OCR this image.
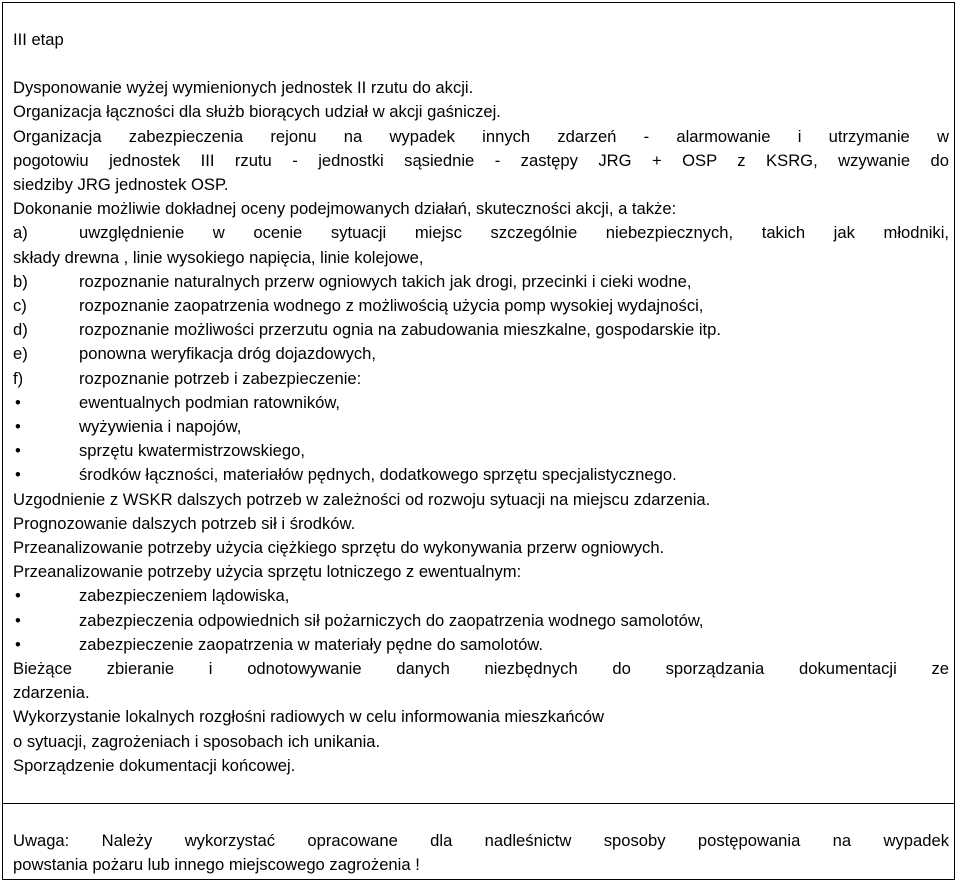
III etap
Dysponowanie wyżej wymienionych jednostek II rzutu do akcji.
Organizacja łączności dla służb biorących udział w akcji gaśniczej.
Organizacja zabezpieczenia rejonu na wypadek innych zdarzeń - alarmowanie i utrzymanie w
pogotowiu jednostek III rzutu - jednostki sąsiednie - zastępy JRG + OSP z KSRG, wzywanie do
siedziby JRG jednostek OSP.
Dokonanie możliwie dokładnej oceny podejmowanych działań, skuteczności akcji, a także:
a)	uwzględnienie w ocenie sytuacji miejsc szczególnie niebezpiecznych, takich jak młodniki,
składy drewna , linie wysokiego napięcia, linie kolejowe,
b)	rozpoznanie naturalnych przerw ogniowych takich jak drogi, przecinki i cieki wodne,
c)	rozpoznanie zaopatrzenia wodnego z możliwością użycia pomp wysokiej wydajności,
d)	rozpoznanie możliwości przerzutu ognia na zabudowania mieszkalne, gospodarskie itp.
e)	ponowna weryfikacja dróg dojazdowych,
f)	rozpoznanie potrzeb i zabezpieczenie:
•	ewentualnych podmian ratowników,
•	wyżywienia i napojów,
•	sprzętu kwatermistrzowskiego,
•	środków łączności, materiałów pędnych, dodatkowego sprzętu specjalistycznego.
Uzgodnienie z WSKR dalszych potrzeb w zależności od rozwoju sytuacji na miejscu zdarzenia.
Prognozowanie dalszych potrzeb sił i środków.
Przeanalizowanie potrzeby użycia ciężkiego sprzętu do wykonywania przerw ogniowych.
Przeanalizowanie potrzeby użycia sprzętu lotniczego z ewentualnym:
•	zabezpieczeniem lądowiska,
•	zabezpieczenia odpowiednich sił pożarniczych do zaopatrzenia wodnego samolotów,
•	zabezpieczenie zaopatrzenia w materiały pędne do samolotów.
Bieżące zbieranie i odnotowywanie danych niezbędnych do sporządzania dokumentacji ze
zdarzenia.
Wykorzystanie lokalnych rozgłośni radiowych w celu informowania mieszkańców
o sytuacji, zagrożeniach i sposobach ich unikania.
Sporządzenie dokumentacji końcowej.
Uwaga: Należy wykorzystać opracowane dla nadleśnictw sposoby postępowania na wypadek
powstania pożaru lub innego miejscowego zagrożenia !
